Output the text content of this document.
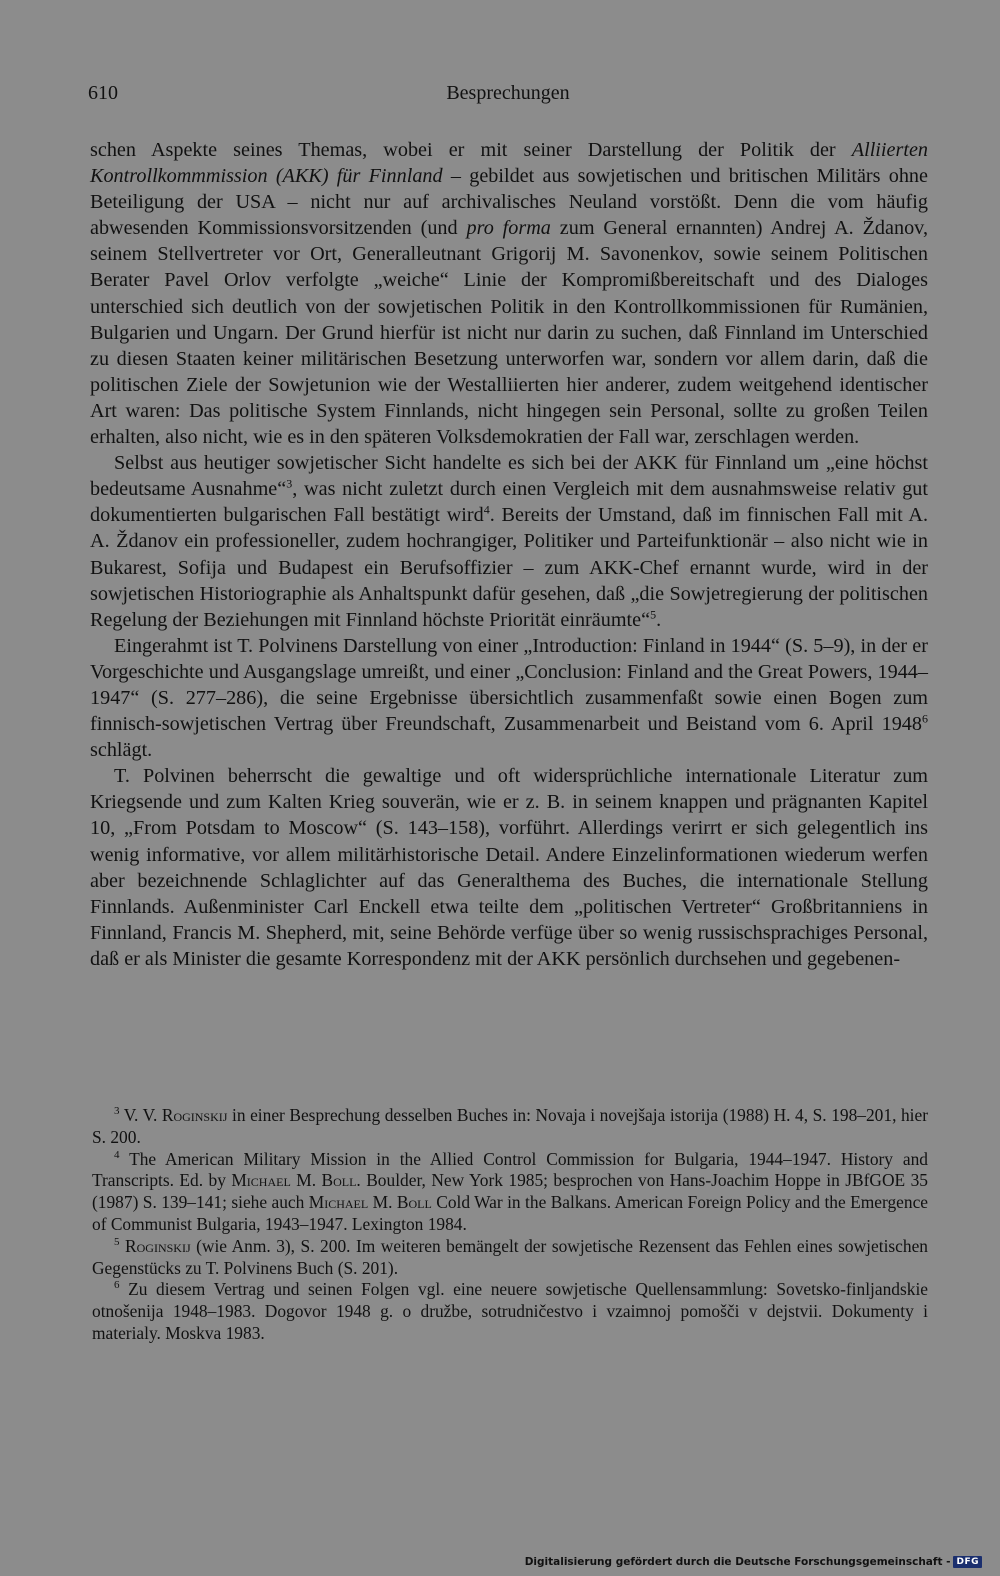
610	Besprechungen

schen Aspekte seines Themas, wobei er mit seiner Darstellung der Politik der Alliierten Kontrollkommmission (AKK) für Finnland – gebildet aus sowjetischen und britischen Militärs ohne Beteiligung der USA – nicht nur auf archivalisches Neuland vorstößt. Denn die vom häufig abwesenden Kommissionsvorsitzenden (und pro forma zum General ernannten) Andrej A. Ždanov, seinem Stellvertreter vor Ort, Generalleutnant Grigorij M. Savonenkov, sowie seinem Politischen Berater Pavel Orlov verfolgte „weiche“ Linie der Kompromißbereitschaft und des Dialoges unterschied sich deutlich von der sowjetischen Politik in den Kontrollkommissionen für Rumänien, Bulgarien und Ungarn. Der Grund hierfür ist nicht nur darin zu suchen, daß Finnland im Unterschied zu diesen Staaten keiner militärischen Besetzung unterworfen war, sondern vor allem darin, daß die politischen Ziele der Sowjetunion wie der Westalliierten hier anderer, zudem weitgehend identischer Art waren: Das politische System Finnlands, nicht hingegen sein Personal, sollte zu großen Teilen erhalten, also nicht, wie es in den späteren Volksdemokratien der Fall war, zerschlagen werden.

Selbst aus heutiger sowjetischer Sicht handelte es sich bei der AKK für Finnland um „eine höchst bedeutsame Ausnahme“$^3$, was nicht zuletzt durch einen Vergleich mit dem ausnahmsweise relativ gut dokumentierten bulgarischen Fall bestätigt wird$^4$. Bereits der Umstand, daß im finnischen Fall mit A. A. Ždanov ein professioneller, zudem hochrangiger, Politiker und Parteifunktionär – also nicht wie in Bukarest, Sofija und Budapest ein Berufsoffizier – zum AKK-Chef ernannt wurde, wird in der sowjetischen Historiographie als Anhaltspunkt dafür gesehen, daß „die Sowjetregierung der politischen Regelung der Beziehungen mit Finnland höchste Priorität einräumte“$^5$.

Eingerahmt ist T. Polvinens Darstellung von einer „Introduction: Finland in 1944“ (S. 5–9), in der er Vorgeschichte und Ausgangslage umreißt, und einer „Conclusion: Finland and the Great Powers, 1944–1947“ (S. 277–286), die seine Ergebnisse übersichtlich zusammenfaßt sowie einen Bogen zum finnisch-sowjetischen Vertrag über Freundschaft, Zusammenarbeit und Beistand vom 6. April 1948$^6$ schlägt.

T. Polvinen beherrscht die gewaltige und oft widersprüchliche internationale Literatur zum Kriegsende und zum Kalten Krieg souverän, wie er z. B. in seinem knappen und prägnanten Kapitel 10, „From Potsdam to Moscow“ (S. 143–158), vorführt. Allerdings verirrt er sich gelegentlich ins wenig informative, vor allem militärhistorische Detail. Andere Einzelinformationen wiederum werfen aber bezeichnende Schlaglichter auf das Generalthema des Buches, die internationale Stellung Finnlands. Außenminister Carl Enckell etwa teilte dem „politischen Vertreter“ Großbritanniens in Finnland, Francis M. Shepherd, mit, seine Behörde verfüge über so wenig russischsprachiges Personal, daß er als Minister die gesamte Korrespondenz mit der AKK persönlich durchsehen und gegebenen-

$^3$ V. V. Roginskij in einer Besprechung desselben Buches in: Novaja i novejšaja istorija (1988) H. 4, S. 198–201, hier S. 200.

$^4$ The American Military Mission in the Allied Control Commission for Bulgaria, 1944–1947. History and Transcripts. Ed. by Michael M. Boll. Boulder, New York 1985; besprochen von Hans-Joachim Hoppe in JBfGOE 35 (1987) S. 139–141; siehe auch Michael M. Boll Cold War in the Balkans. American Foreign Policy and the Emergence of Communist Bulgaria, 1943–1947. Lexington 1984.

$^5$ Roginskij (wie Anm. 3), S. 200. Im weiteren bemängelt der sowjetische Rezensent das Fehlen eines sowjetischen Gegenstücks zu T. Polvinens Buch (S. 201).

$^6$ Zu diesem Vertrag und seinen Folgen vgl. eine neuere sowjetische Quellensammlung: Sovetsko-finljandskie otnošenija 1948–1983. Dogovor 1948 g. o družbe, sotrudničestvo i vzaimnoj pomošči v dejstvii. Dokumenty i materialy. Moskva 1983.

Digitalisierung gefördert durch die Deutsche Forschungsgemeinschaft - DFG
